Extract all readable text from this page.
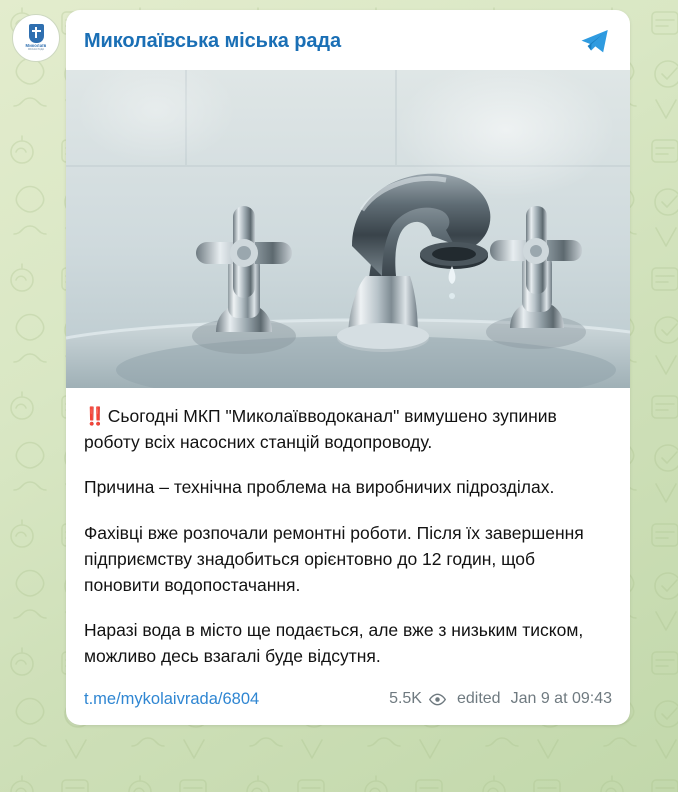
Миколаїв
МІСЬКА РАДА Миколаївська міська рада

‼️ Сьогодні МКП "Миколаївводоканал" вимушено зупинив роботу всіх насосних станцій водопроводу.

Причина – технічна проблема на виробничих підрозділах.

Фахівці вже розпочали ремонтні роботи. Після їх завершення підприємству знадобиться орієнтовно до 12 годин, щоб поновити водопостачання.

Наразі вода в місто ще подається, але вже з низьким тиском, можливо десь взагалі буде відсутня.

t.me/mykolaivrada/6804	5.5K edited Jan 9 at 09:43
